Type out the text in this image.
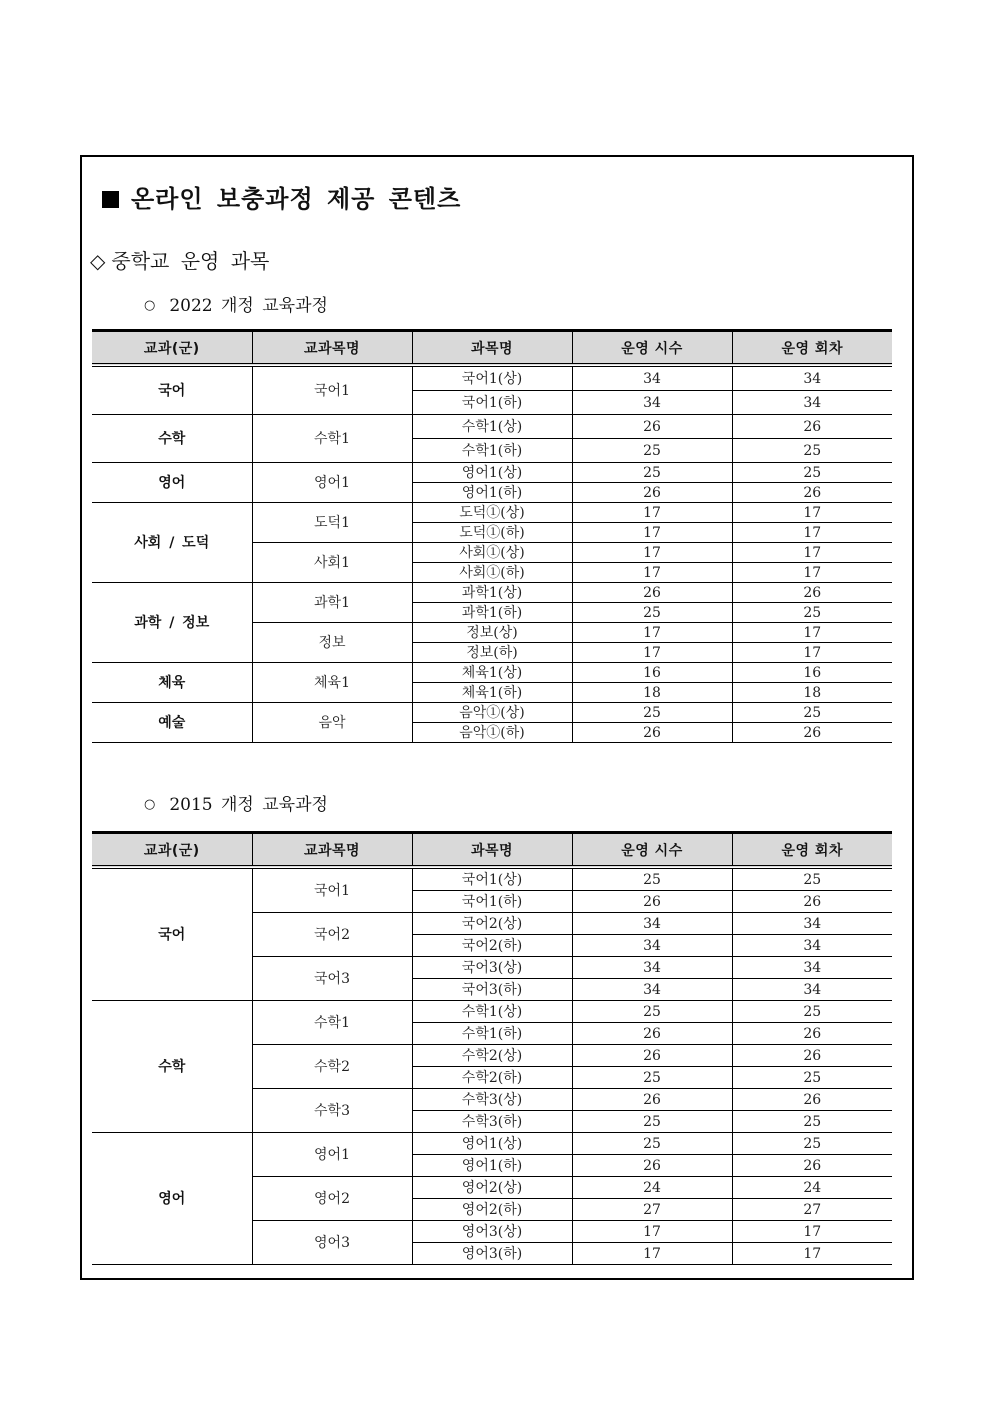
온라인 보충과정 제공 콘텐츠
◇ 중학교 운영 과목
○ 2022 개정 교육과정
교과(군)	교과목명	과목명	운영 시수	운영 회차
국어	국어1	국어1(상)	34	34
		국어1(하)	34	34
수학	수학1	수학1(상)	26	26
		수학1(하)	25	25
영어	영어1	영어1(상)	25	25
		영어1(하)	26	26
사회 / 도덕	도덕1	도덕①(상)	17	17
		도덕①(하)	17	17
	사회1	사회①(상)	17	17
		사회①(하)	17	17
과학 / 정보	과학1	과학1(상)	26	26
		과학1(하)	25	25
	정보	정보(상)	17	17
		정보(하)	17	17
체육	체육1	체육1(상)	16	16
		체육1(하)	18	18
예술	음악	음악①(상)	25	25
		음악①(하)	26	26
○ 2015 개정 교육과정
교과(군)	교과목명	과목명	운영 시수	운영 회차
국어	국어1	국어1(상)	25	25
		국어1(하)	26	26
	국어2	국어2(상)	34	34
		국어2(하)	34	34
	국어3	국어3(상)	34	34
		국어3(하)	34	34
수학	수학1	수학1(상)	25	25
		수학1(하)	26	26
	수학2	수학2(상)	26	26
		수학2(하)	25	25
	수학3	수학3(상)	26	26
		수학3(하)	25	25
영어	영어1	영어1(상)	25	25
		영어1(하)	26	26
	영어2	영어2(상)	24	24
		영어2(하)	27	27
	영어3	영어3(상)	17	17
		영어3(하)	17	17
